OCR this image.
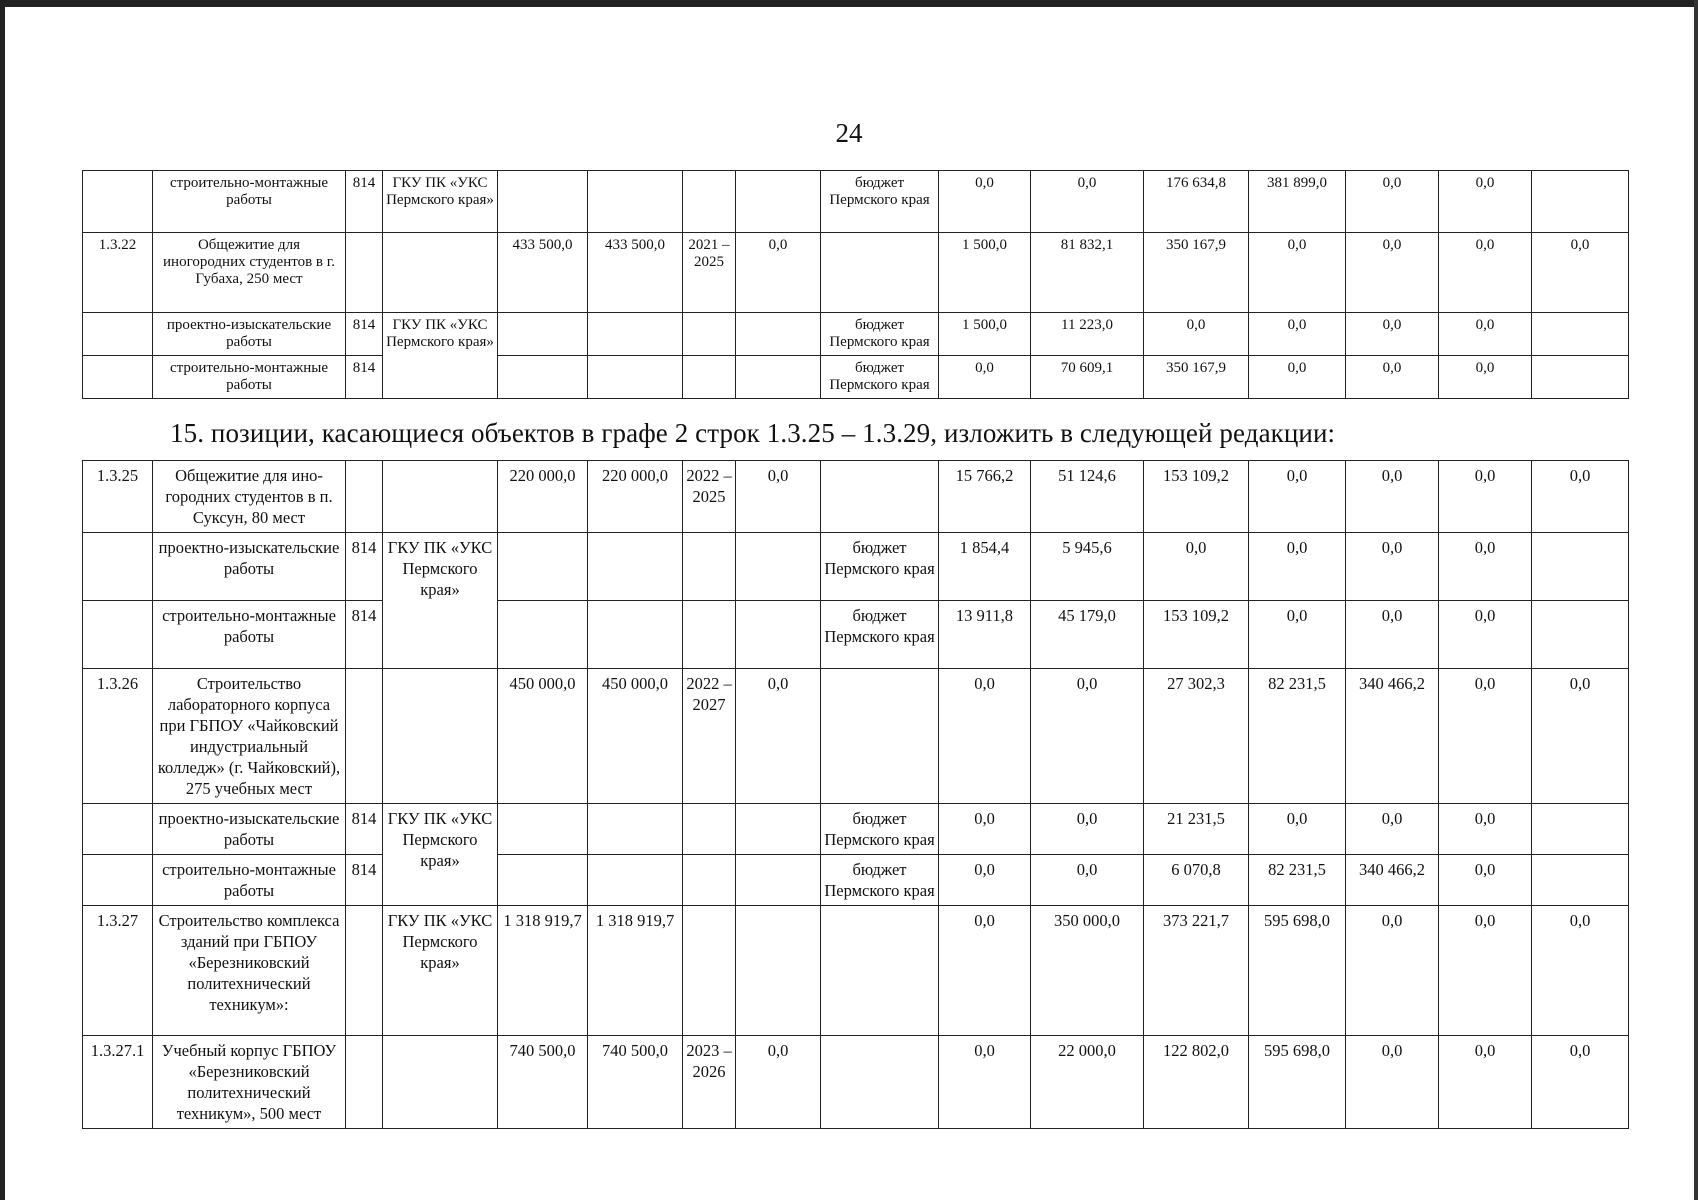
24
	строительно-монтажные работы	814	ГКУ ПК «УКС Пермского края»					бюджет Пермского края	0,0	0,0	176 634,8	381 899,0	0,0	0,0	
1.3.22	Общежитие для иногородних студентов в г. Губаха, 250 мест			433 500,0	433 500,0	2021 – 2025	0,0		1 500,0	81 832,1	350 167,9	0,0	0,0	0,0	0,0
	проектно-изыскательские работы	814	ГКУ ПК «УКС Пермского края»					бюджет Пермского края	1 500,0	11 223,0	0,0	0,0	0,0	0,0	
	строительно-монтажные работы	814						бюджет Пермского края	0,0	70 609,1	350 167,9	0,0	0,0	0,0	
15. позиции, касающиеся объектов в графе 2 строк 1.3.25 – 1.3.29, изложить в следующей редакции:
1.3.25	Общежитие для ино-городних студентов в п. Суксун, 80 мест			220 000,0	220 000,0	2022 – 2025	0,0		15 766,2	51 124,6	153 109,2	0,0	0,0	0,0	0,0
	проектно-изыскательские работы	814	ГКУ ПК «УКС Пермского края»					бюджет Пермского края	1 854,4	5 945,6	0,0	0,0	0,0	0,0	
	строительно-монтажные работы	814						бюджет Пермского края	13 911,8	45 179,0	153 109,2	0,0	0,0	0,0	
1.3.26	Строительство лабораторного корпуса при ГБПОУ «Чайковский индустриальный колледж» (г. Чайковский), 275 учебных мест			450 000,0	450 000,0	2022 – 2027	0,0		0,0	0,0	27 302,3	82 231,5	340 466,2	0,0	0,0
	проектно-изыскательские работы	814	ГКУ ПК «УКС Пермского края»					бюджет Пермского края	0,0	0,0	21 231,5	0,0	0,0	0,0	
	строительно-монтажные работы	814						бюджет Пермского края	0,0	0,0	6 070,8	82 231,5	340 466,2	0,0	
1.3.27	Строительство комплекса зданий при ГБПОУ «Березниковский политехнический техникум»:		ГКУ ПК «УКС Пермского края»	1 318 919,7	1 318 919,7				0,0	350 000,0	373 221,7	595 698,0	0,0	0,0	0,0
1.3.27.1	Учебный корпус ГБПОУ «Березниковский политехнический техникум», 500 мест			740 500,0	740 500,0	2023 – 2026	0,0		0,0	22 000,0	122 802,0	595 698,0	0,0	0,0	0,0
